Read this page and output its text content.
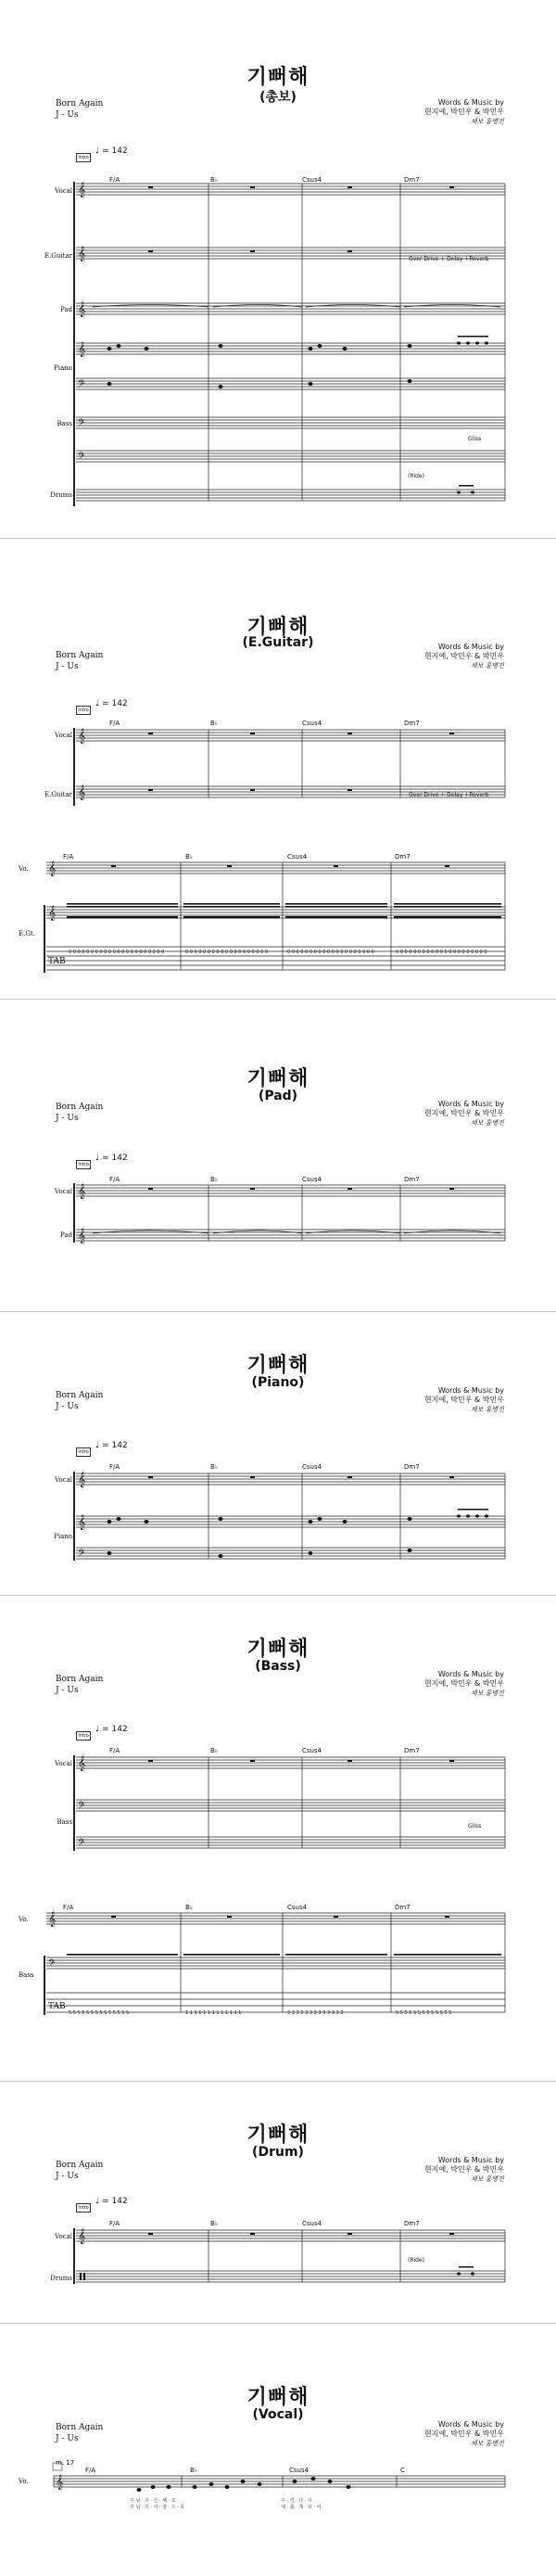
기뻐해
(총보)
Born Again
J - Us
Words & Music by
현지예, 박민우 & 박민우
채보 홍병진
Intro
♩ = 142
Vocal
E.Guitar
Pad
Piano
Bass
Drums
F/A	B♭	Csus4	Dm7
Over Drive + Delay +Reverb
Gliss
(Ride)
𝄞
𝄞
𝄞
𝄞
𝄢
𝄢
𝄢
기뻐해
(E.Guitar)
Born Again
J - Us
Words & Music by
현지예, 박민우 & 박민우
채보 홍병진
Intro
♩ = 142
Vocal
E.Guitar
Vo.
E.Gt.
F/A	B♭	Csus4	Dm7
Over Drive + Delay +Reverb
F/A	B♭	Csus4	Dm7
𝄞
𝄞
𝄞
𝄞
TAB
0 0 0 0 0 0 0 0 0 0 0 0 0 0 0 0 0 0 0 0 0 0	0 0 0 0 0 0 0 0 0 0 0 0 0 0 0 0 0 0 0	0 0 0 0 0 0 0 0 0 0 0 0 0 0 0 0 0 0 0 0	0 0 0 0 0 0 0 0 0 0 0 0 0 0 0 0 0 0 0 0 0
기뻐해
(Pad)
Born Again
J - Us
Words & Music by
현지예, 박민우 & 박민우
채보 홍병진
Intro
♩ = 142
Vocal
Pad
F/A	B♭	Csus4	Dm7
𝄞
𝄞
기뻐해
(Piano)
Born Again
J - Us
Words & Music by
현지예, 박민우 & 박민우
채보 홍병진
Intro
♩ = 142
Vocal
Piano
F/A	B♭	Csus4	Dm7
𝄞
𝄞
𝄢
기뻐해
(Bass)
Born Again
J - Us
Words & Music by
현지예, 박민우 & 박민우
채보 홍병진
Intro
♩ = 142
Vocal
Bass
F/A	B♭	Csus4	Dm7
Gliss
Vo.
Bass
F/A	B♭	Csus4	Dm7
𝄞
𝄢
𝄢
𝄞
𝄢
TAB
5 5 5 5 5 5 5 5 5 5 5 5 5 5	1 1 1 1 1 1 1 1 1 1 1 1 1	3 3 3 3 3 3 3 3 3 3 3 3 3	5 5 5 5 5 5 5 5 5 5 5 5 5
기뻐해
(Drum)
Born Again
J - Us
Words & Music by
현지예, 박민우 & 박민우
채보 홍병진
Intro
♩ = 142
Vocal
Drums
F/A	B♭	Csus4	Dm7
(Ride)
𝄞
기뻐해
(Vocal)
Born Again
J - Us
Words & Music by
현지예, 박민우 & 박민우
채보 홍병진
m. 17
Vo.
F/A	B♭	Csus4	C
𝄞
주 님 · 의 · 은 · 혜 · 로
주 님 · 의 · 사 · 랑 · 으 · 로
· 우 · 린 · 다 · 시
· 새 · 롭 · 게 · 되 · 어
